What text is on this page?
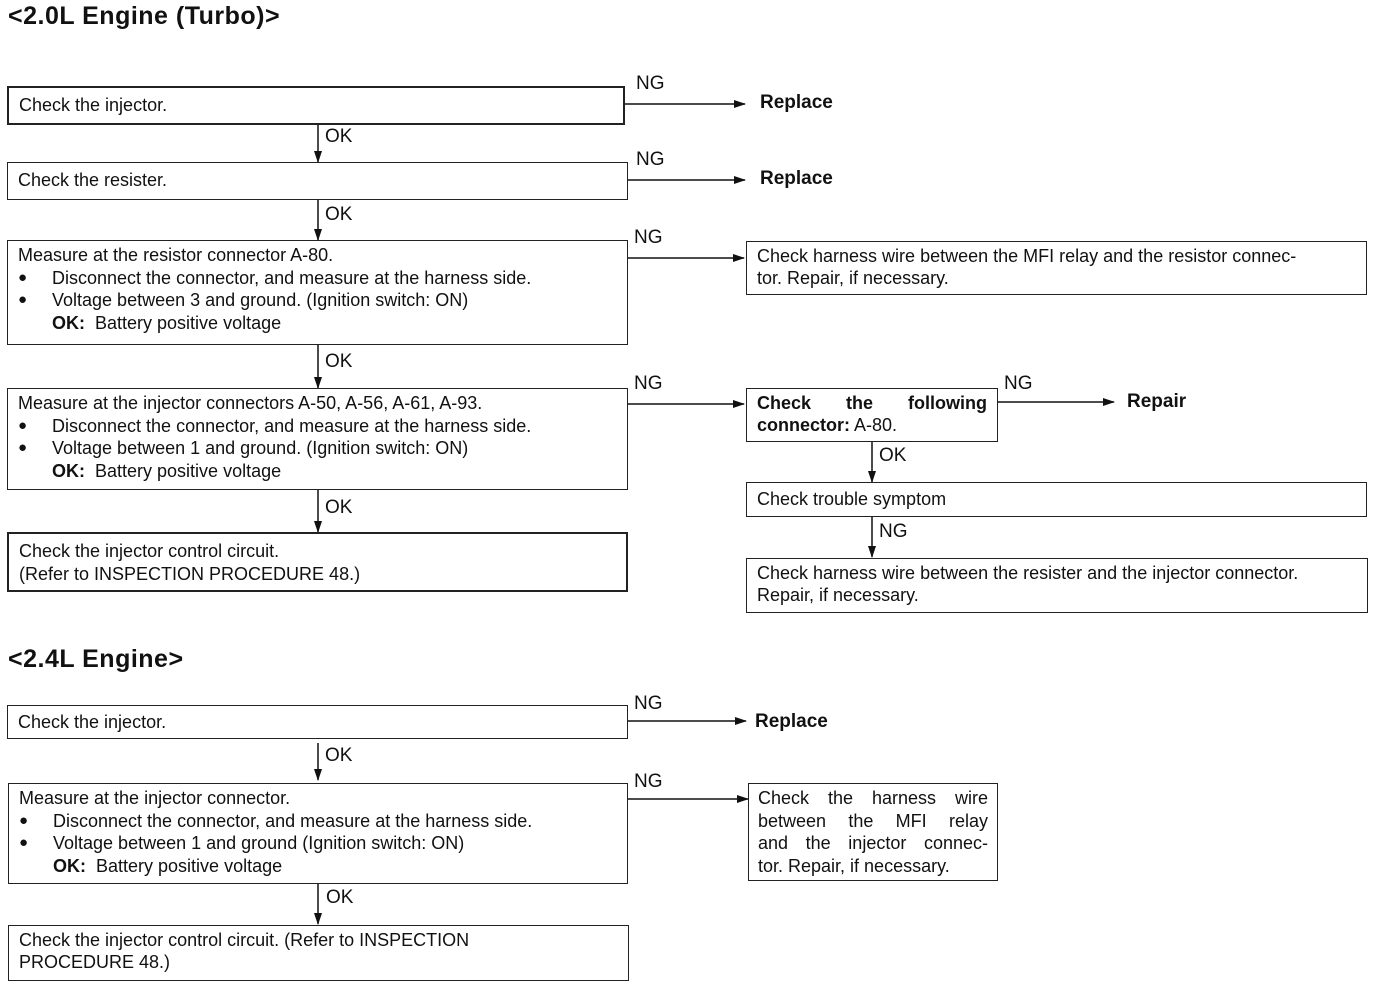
<2.0L Engine (Turbo)>
Check the injector.
NG
Replace
OK
Check the resister.
NG
Replace
OK
Measure at the resistor connector A-80.
● Disconnect the connector, and measure at the harness side.
● Voltage between 3 and ground. (Ignition switch: ON)
OK: Battery positive voltage
NG
Check harness wire between the MFI relay and the resistor connec-
tor. Repair, if necessary.
OK
Measure at the injector connectors A-50, A-56, A-61, A-93.
● Disconnect the connector, and measure at the harness side.
● Voltage between 1 and ground. (Ignition switch: ON)
OK: Battery positive voltage
NG
OK
Check the injector control circuit.
(Refer to INSPECTION PROCEDURE 48.)
Check the following
connector: A-80.
NG
Repair
OK
Check trouble symptom
NG
Check harness wire between the resister and the injector connector.
Repair, if necessary.
<2.4L Engine>
Check the injector.
NG
Replace
OK
Measure at the injector connector.
● Disconnect the connector, and measure at the harness side.
● Voltage between 1 and ground (Ignition switch: ON)
OK: Battery positive voltage
NG
Check the harness wire
between the MFI relay
and the injector connec-
tor. Repair, if necessary.
OK
Check the injector control circuit. (Refer to INSPECTION
PROCEDURE 48.)
